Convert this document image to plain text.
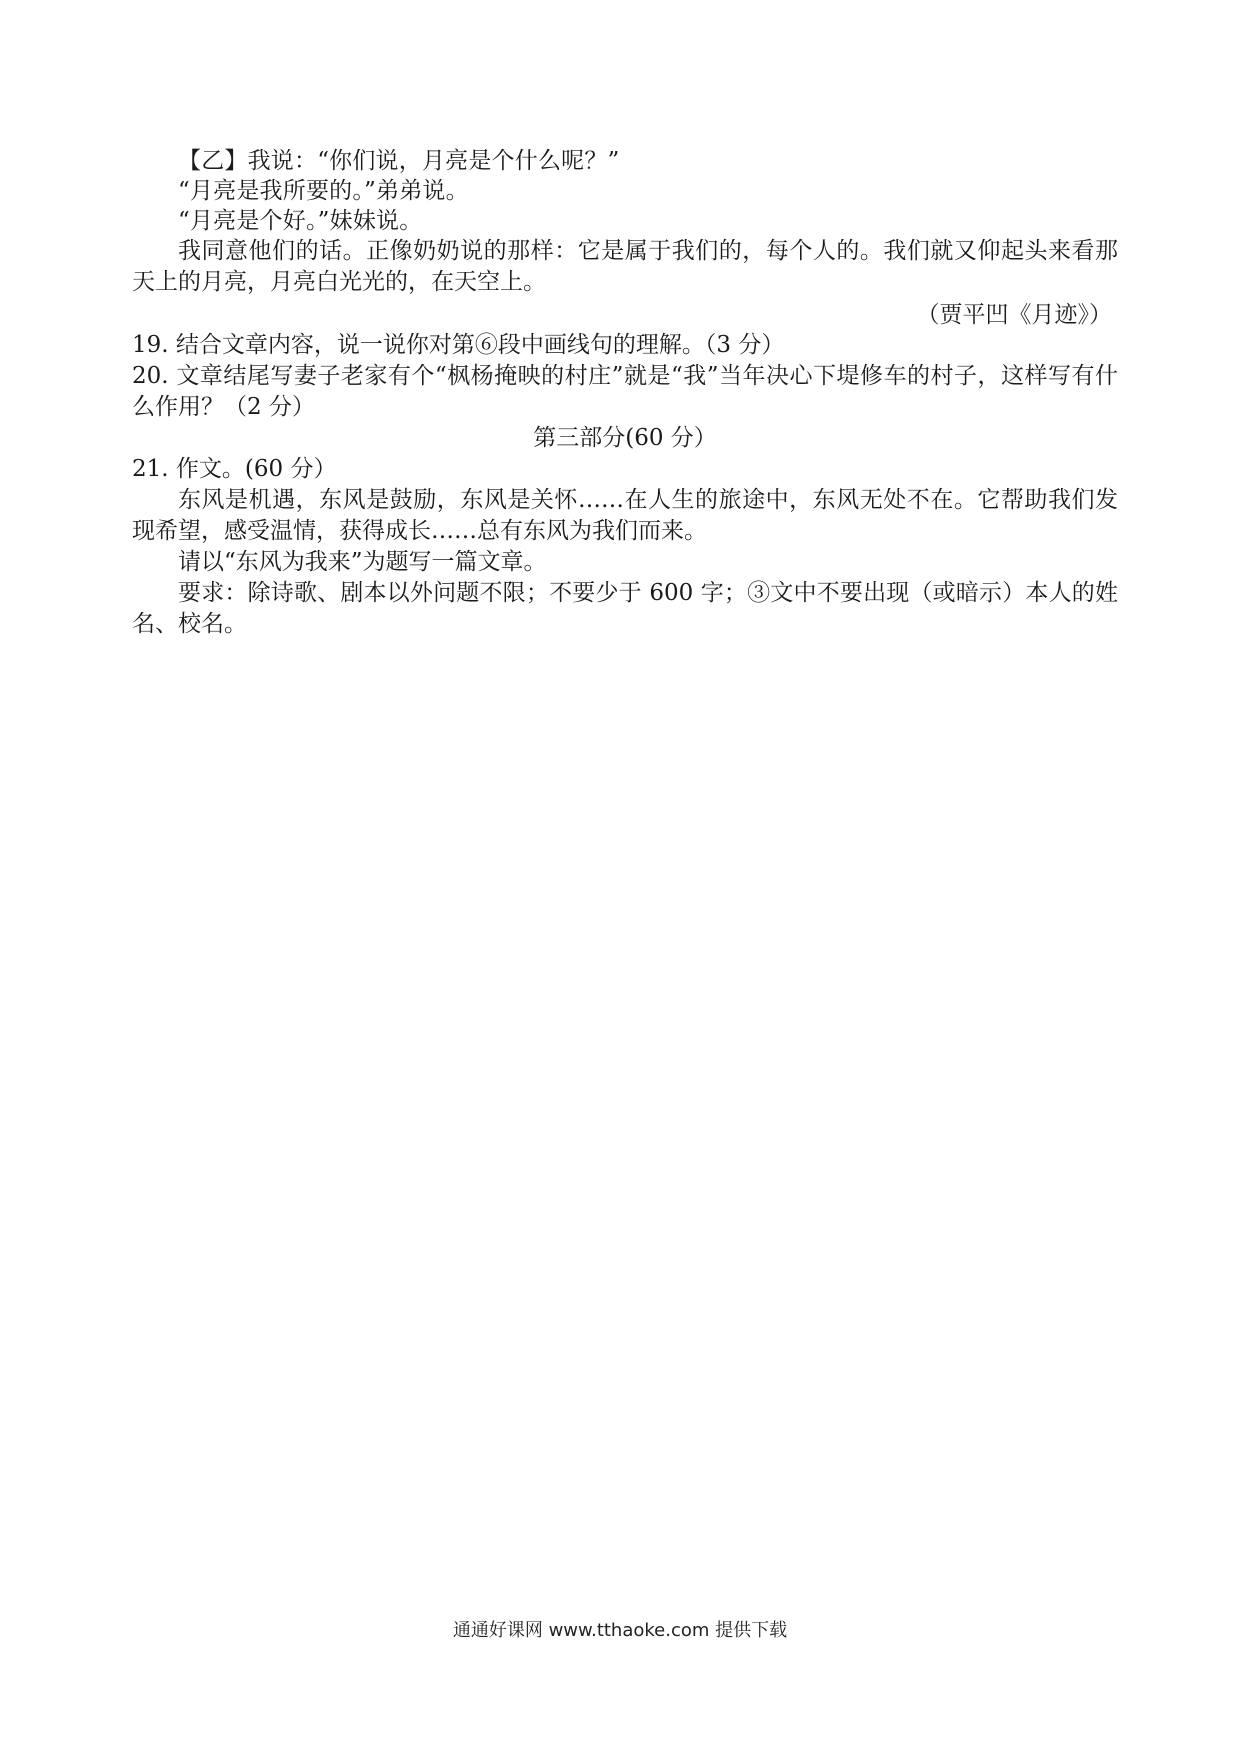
【乙】我说：“你们说，月亮是个什么呢？”

“月亮是我所要的。”弟弟说。

“月亮是个好。”妹妹说。

我同意他们的话。正像奶奶说的那样：它是属于我们的，每个人的。我们就又仰起头来看那天上的月亮，月亮白光光的，在天空上。

（贾平凹《月迹》）

19. 结合文章内容，说一说你对第⑥段中画线句的理解。（3 分）

20. 文章结尾写妻子老家有个“枫杨掩映的村庄”就是“我”当年决心下堤修车的村子，这样写有什么作用？（2 分）

第三部分(60 分）

21. 作文。(60 分）

东风是机遇，东风是鼓励，东风是关怀……在人生的旅途中，东风无处不在。它帮助我们发现希望，感受温情，获得成长……总有东风为我们而来。

请以“东风为我来”为题写一篇文章。

要求：除诗歌、剧本以外问题不限；不要少于 600 字；③文中不要出现（或暗示）本人的姓名、校名。

通通好课网 www.tthaoke.com 提供下载
